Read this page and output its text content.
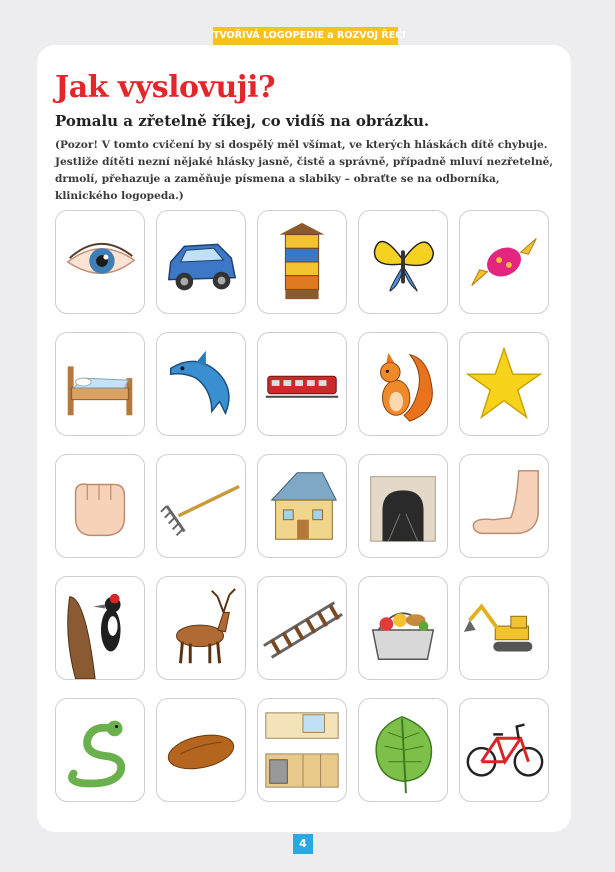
TVOŘIVÁ LOGOPEDIE a ROZVOJ ŘEČI
Jak vyslovuji?

Pomalu a zřetelně říkej, co vidíš na obrázku.

(Pozor! V tomto cvičení by si dospělý měl všímat, ve kterých hláskách dítě chybuje. Jestliže dítěti nezní nějaké hlásky jasně, čistě a správně, případně mluví nezřetelně, drmolí, přehazuje a zaměňuje písmena a slabiky – obraťte se na odborníka, klinického logopeda.)

4
